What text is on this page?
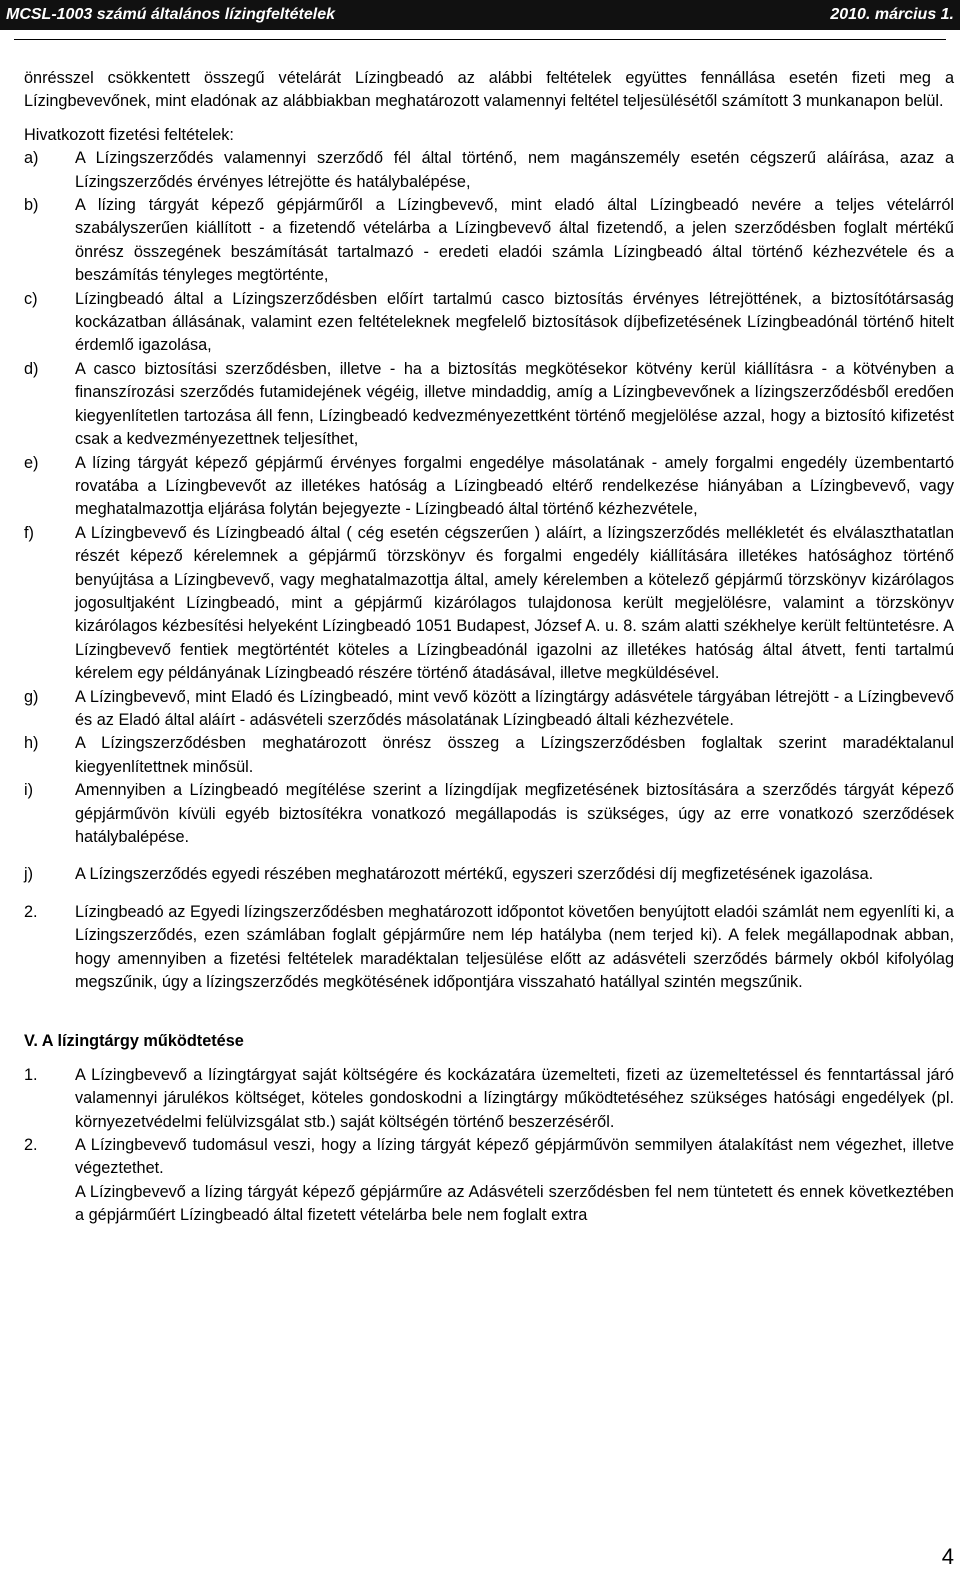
MCSL-1003 számú általános lízingfeltételek	2010. március 1.

önrésszel csökkentett összegű vételárát Lízingbeadó az alábbi feltételek együttes fennállása esetén fizeti meg a Lízingbevevőnek, mint eladónak az alábbiakban meghatározott valamennyi feltétel teljesülésétől számított 3 munkanapon belül.

Hivatkozott fizetési feltételek:

a)	A Lízingszerződés valamennyi szerződő fél által történő, nem magánszemély esetén cégszerű aláírása, azaz a Lízingszerződés érvényes létrejötte és hatálybalépése,
b)	A lízing tárgyát képező gépjárműről a Lízingbevevő, mint eladó által Lízingbeadó nevére a teljes vételárról szabályszerűen kiállított - a fizetendő vételárba a Lízingbevevő által fizetendő, a jelen szerződésben foglalt mértékű önrész összegének beszámítását tartalmazó - eredeti eladói számla Lízingbeadó által történő kézhezvétele és a beszámítás tényleges megtörténte,
c)	Lízingbeadó által a Lízingszerződésben előírt tartalmú casco biztosítás érvényes létrejöttének, a biztosítótársaság kockázatban állásának, valamint ezen feltételeknek megfelelő biztosítások díjbefizetésének Lízingbeadónál történő hitelt érdemlő igazolása,
d)	A casco biztosítási szerződésben, illetve - ha a biztosítás megkötésekor kötvény kerül kiállításra - a kötvényben a finanszírozási szerződés futamidejének végéig, illetve mindaddig, amíg a Lízingbevevőnek a lízingszerződésből eredően kiegyenlítetlen tartozása áll fenn, Lízingbeadó kedvezményezettként történő megjelölése azzal, hogy a biztosító kifizetést csak a kedvezményezettnek teljesíthet,
e)	A lízing tárgyát képező gépjármű érvényes forgalmi engedélye másolatának - amely forgalmi engedély üzembentartó rovatába a Lízingbevevőt az illetékes hatóság a Lízingbeadó eltérő rendelkezése hiányában a Lízingbevevő, vagy meghatalmazottja eljárása folytán bejegyezte - Lízingbeadó által történő kézhezvétele,
f)	A Lízingbevevő és Lízingbeadó által ( cég esetén cégszerűen ) aláírt, a lízingszerződés mellékletét és elválaszthatatlan részét képező kérelemnek a gépjármű törzskönyv és forgalmi engedély kiállítására illetékes hatósághoz történő benyújtása a Lízingbevevő, vagy meghatalmazottja által, amely kérelemben a kötelező gépjármű törzskönyv kizárólagos jogosultjaként Lízingbeadó, mint a gépjármű kizárólagos tulajdonosa került megjelölésre, valamint a törzskönyv kizárólagos kézbesítési helyeként Lízingbeadó 1051 Budapest, József A. u. 8. szám alatti székhelye került feltüntetésre. A Lízingbevevő fentiek megtörténtét köteles a Lízingbeadónál igazolni az illetékes hatóság által átvett, fenti tartalmú kérelem egy példányának Lízingbeadó részére történő átadásával, illetve megküldésével.
g)	A Lízingbevevő, mint Eladó és Lízingbeadó, mint vevő között a lízingtárgy adásvétele tárgyában létrejött - a Lízingbevevő és az Eladó által aláírt - adásvételi szerződés másolatának Lízingbeadó általi kézhezvétele.
h)	A Lízingszerződésben meghatározott önrész összeg a Lízingszerződésben foglaltak szerint maradéktalanul kiegyenlítettnek minősül.
i)	Amennyiben a Lízingbeadó megítélése szerint a lízingdíjak megfizetésének biztosítására a szerződés tárgyát képező gépjárművön kívüli egyéb biztosítékra vonatkozó megállapodás is szükséges, úgy az erre vonatkozó szerződések hatálybalépése.
j)	A Lízingszerződés egyedi részében meghatározott mértékű, egyszeri szerződési díj megfizetésének igazolása.
2.	Lízingbeadó az Egyedi lízingszerződésben meghatározott időpontot követően benyújtott eladói számlát nem egyenlíti ki, a Lízingszerződés, ezen számlában foglalt gépjárműre nem lép hatályba (nem terjed ki). A felek megállapodnak abban, hogy amennyiben a fizetési feltételek maradéktalan teljesülése előtt az adásvételi szerződés bármely okból kifolyólag megszűnik, úgy a lízingszerződés megkötésének időpontjára visszaható hatállyal szintén megszűnik.

V. A lízingtárgy működtetése

1.	A Lízingbevevő a lízingtárgyat saját költségére és kockázatára üzemelteti, fizeti az üzemeltetéssel és fenntartással járó valamennyi járulékos költséget, köteles gondoskodni a lízingtárgy működtetéséhez szükséges hatósági engedélyek (pl. környezetvédelmi felülvizsgálat stb.) saját költségén történő beszerzéséről.
2.	A Lízingbevevő tudomásul veszi, hogy a lízing tárgyát képező gépjárművön semmilyen átalakítást nem végezhet, illetve végeztethet.
A Lízingbevevő a lízing tárgyát képező gépjárműre az Adásvételi szerződésben fel nem tüntetett és ennek következtében a gépjárműért Lízingbeadó által fizetett vételárba bele nem foglalt extra
4
